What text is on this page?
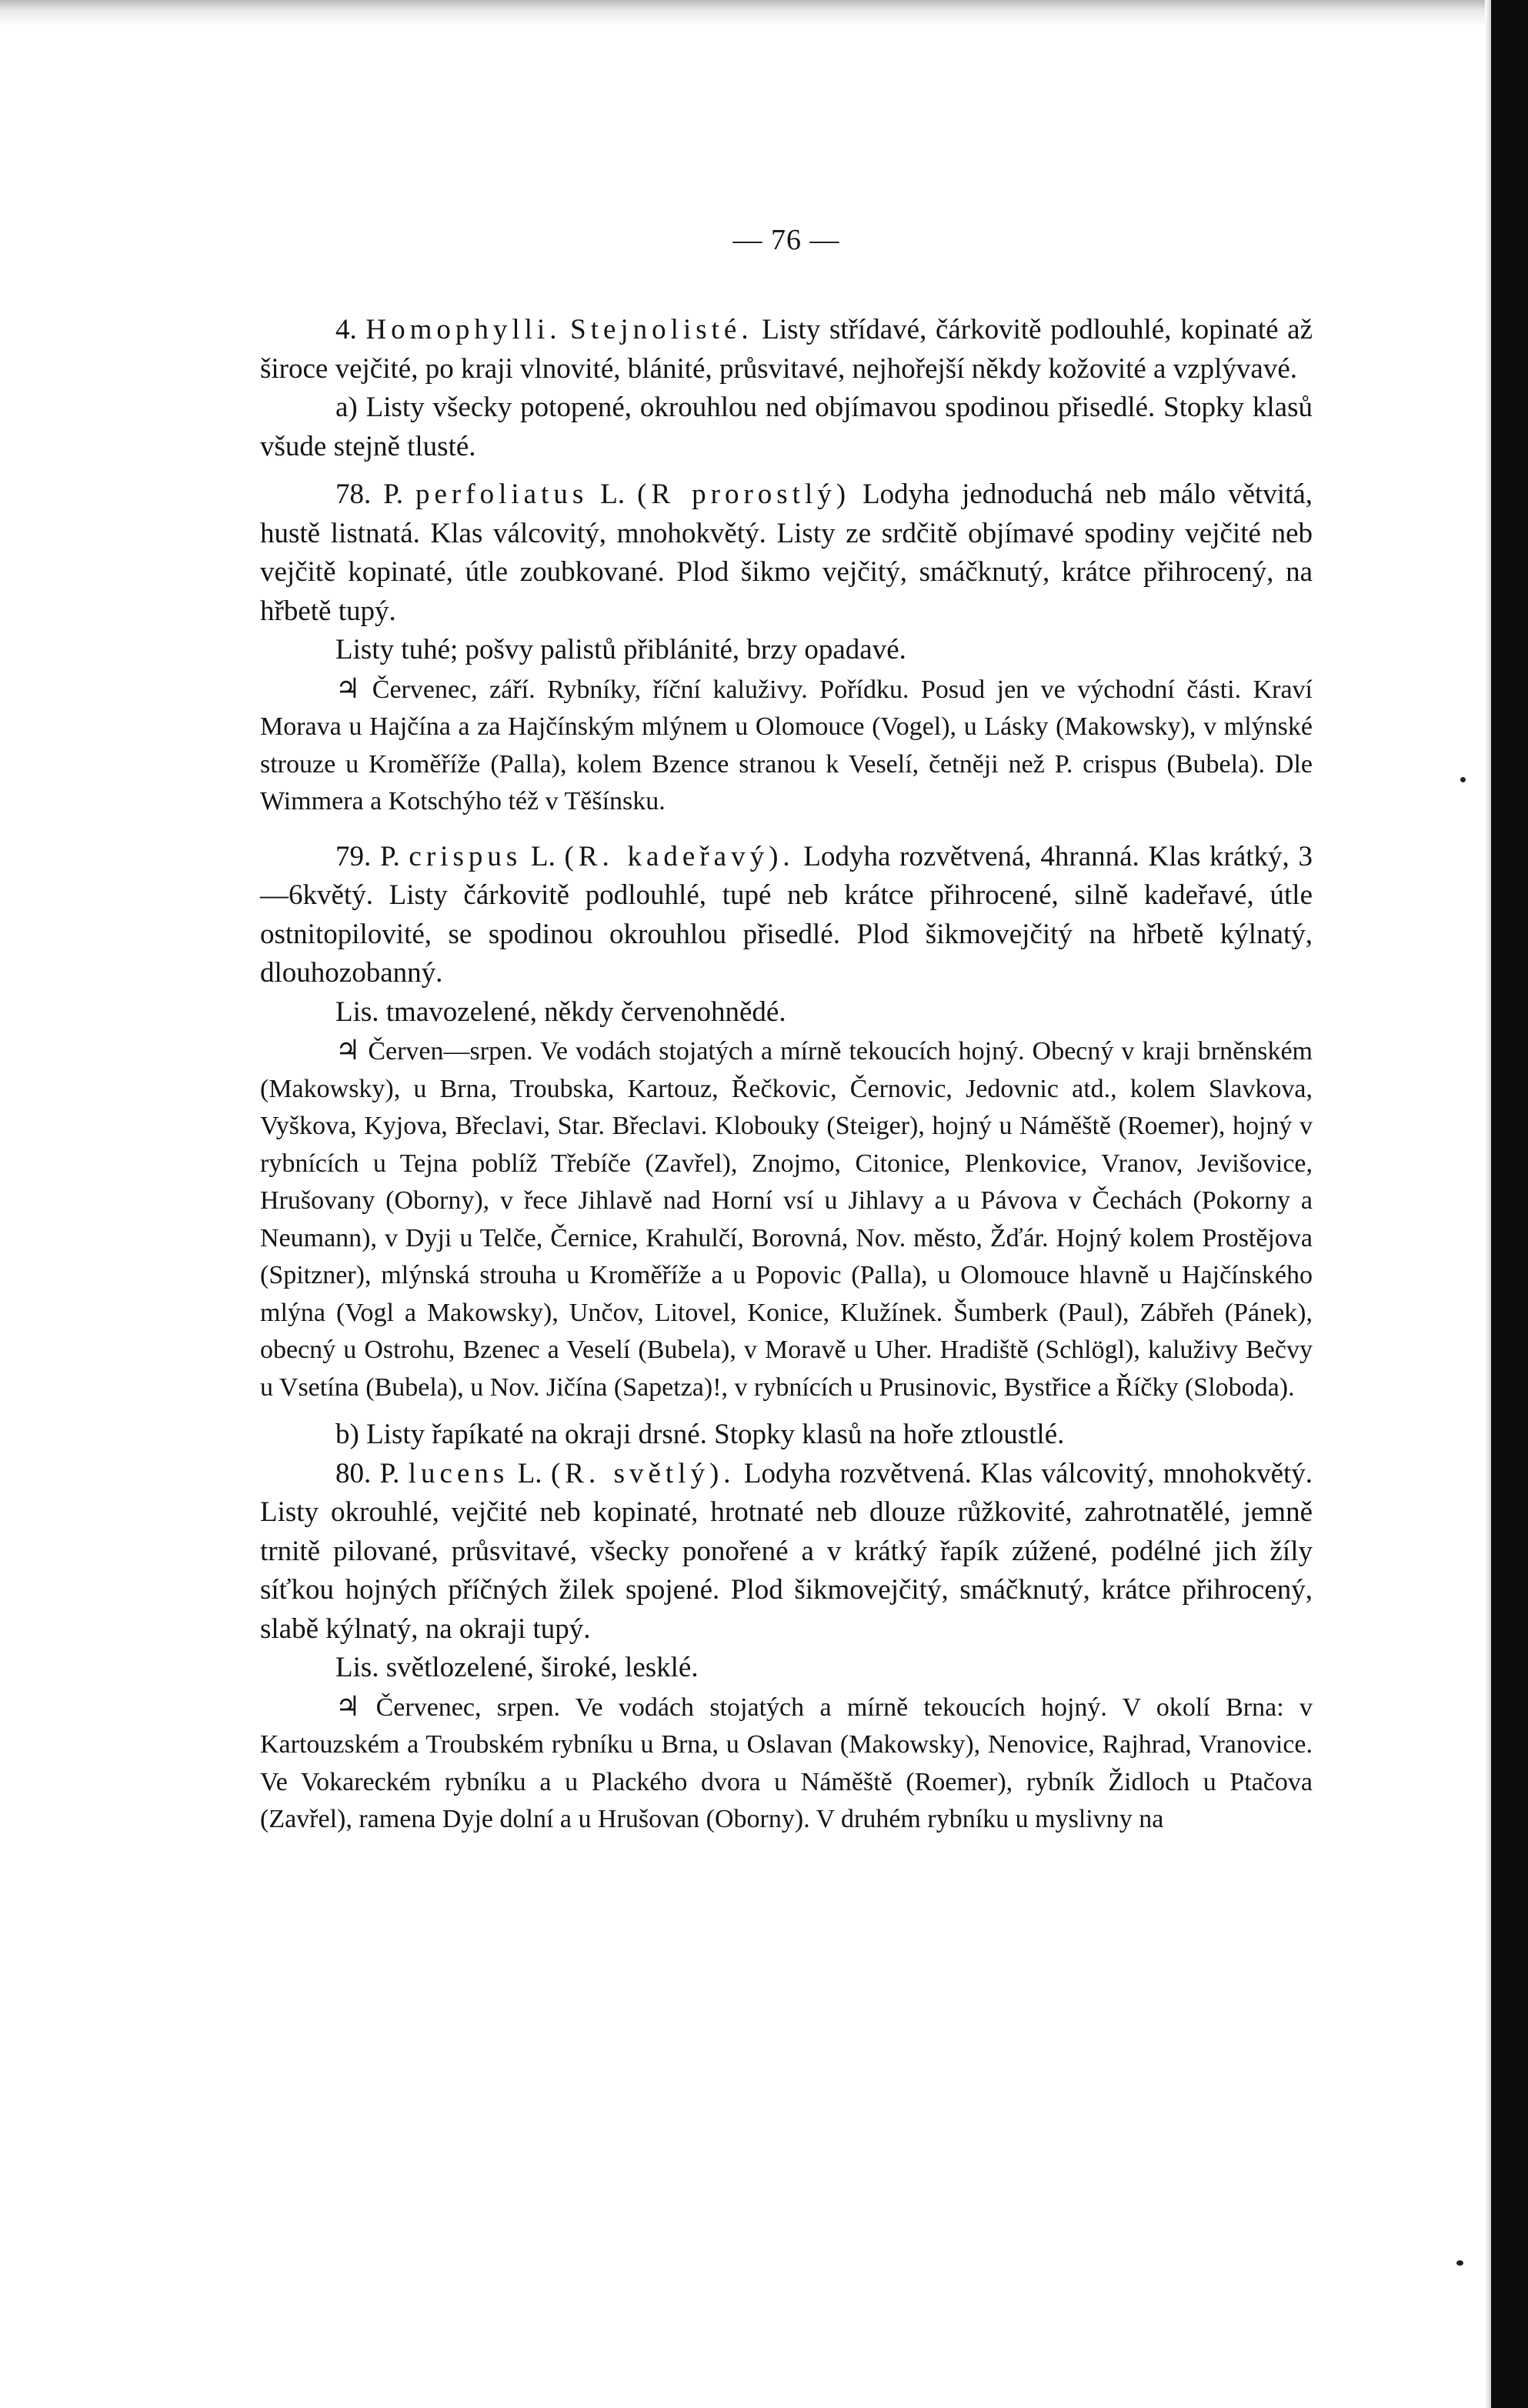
— 76 —

4. Homophylli. Stejnolisté. Listy střídavé, čárkovitě podlouhlé, kopinaté až široce vejčité, po kraji vlnovité, blánité, průsvitavé, nejhořejší někdy kožovité a vzplývavé.

a) Listy všecky potopené, okrouhlou ned objímavou spodinou přisedlé. Stopky klasů všude stejně tlusté.

78. P. perfoliatus L. (R prorostlý) Lodyha jednoduchá neb málo větvitá, hustě listnatá. Klas válcovitý, mnohokvětý. Listy ze srdčitě objímavé spodiny vejčité neb vejčitě kopinaté, útle zoubkované. Plod šikmo vejčitý, smáčknutý, krátce přihrocený, na hřbetě tupý.

Listy tuhé; pošvy palistů přiblánité, brzy opadavé.

♃ Červenec, září. Rybníky, říční kaluživy. Pořídku. Posud jen ve východní části. Kraví Morava u Hajčína a za Hajčínským mlýnem u Olomouce (Vogel), u Lásky (Makowsky), v mlýnské strouze u Kroměříže (Palla), kolem Bzence stranou k Veselí, četněji než P. crispus (Bubela). Dle Wimmera a Kotschýho též v Těšínsku.

79. P. crispus L. (R. kadeřavý). Lodyha rozvětvená, 4hranná. Klas krátký, 3—6květý. Listy čárkovitě podlouhlé, tupé neb krátce přihrocené, silně kadeřavé, útle ostnitopilovité, se spodinou okrouhlou přisedlé. Plod šikmovejčitý na hřbetě kýlnatý, dlouhozobanný.

Lis. tmavozelené, někdy červenohnědé.

♃ Červen—srpen. Ve vodách stojatých a mírně tekoucích hojný. Obecný v kraji brněnském (Makowsky), u Brna, Troubska, Kartouz, Řečkovic, Černovic, Jedovnic atd., kolem Slavkova, Vyškova, Kyjova, Břeclavi, Star. Břeclavi. Klobouky (Steiger), hojný u Náměště (Roemer), hojný v rybnících u Tejna poblíž Třebíče (Zavřel), Znojmo, Citonice, Plenkovice, Vranov, Jevišovice, Hrušovany (Oborny), v řece Jihlavě nad Horní vsí u Jihlavy a u Pávova v Čechách (Pokorny a Neumann), v Dyji u Telče, Černice, Krahulčí, Borovná, Nov. město, Žďár. Hojný kolem Prostějova (Spitzner), mlýnská strouha u Kroměříže a u Popovic (Palla), u Olomouce hlavně u Hajčínského mlýna (Vogl a Makowsky), Unčov, Litovel, Konice, Klužínek. Šumberk (Paul), Zábřeh (Pánek), obecný u Ostrohu, Bzenec a Veselí (Bubela), v Moravě u Uher. Hradiště (Schlögl), kaluživy Bečvy u Vsetína (Bubela), u Nov. Jičína (Sapetza)!, v rybnících u Prusinovic, Bystřice a Říčky (Sloboda).

b) Listy řapíkaté na okraji drsné. Stopky klasů na hoře ztloustlé.

80. P. lucens L. (R. světlý). Lodyha rozvětvená. Klas válcovitý, mnohokvětý. Listy okrouhlé, vejčité neb kopinaté, hrotnaté neb dlouze růžkovité, zahrotnatělé, jemně trnitě pilované, průsvitavé, všecky ponořené a v krátký řapík zúžené, podélné jich žíly síťkou hojných příčných žilek spojené. Plod šikmovejčitý, smáčknutý, krátce přihrocený, slabě kýlnatý, na okraji tupý.

Lis. světlozelené, široké, lesklé.

♃ Červenec, srpen. Ve vodách stojatých a mírně tekoucích hojný. V okolí Brna: v Kartouzském a Troubském rybníku u Brna, u Oslavan (Makowsky), Nenovice, Rajhrad, Vranovice. Ve Vokareckém rybníku a u Plackého dvora u Náměště (Roemer), rybník Židloch u Ptačova (Zavřel), ramena Dyje dolní a u Hrušovan (Oborny). V druhém rybníku u myslivny na
